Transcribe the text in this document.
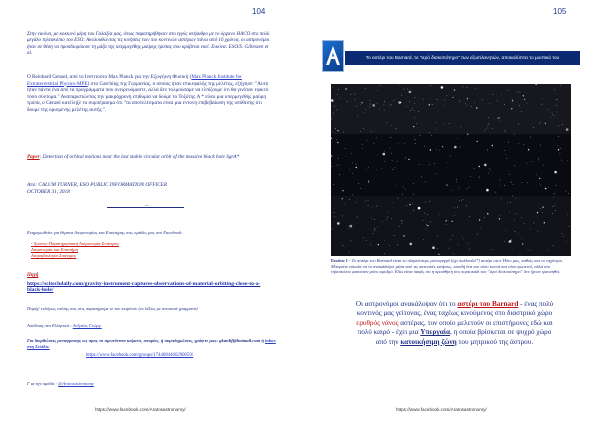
104

Στην εικόνα, με κοκκινό μέρη του Γαλαξία μας, όπως παρατηρήθηκαν στο εγγύς υπέρυθρο με το όργανο HACO στο πολύ μεγάλο τηλεσκόπιο του ESO. Ακολουθώντας τις κινήσεις των πιο κοντινών αστέρων πάνω από 16 χρόνια, οι αστρονόμοι ήταν σε θέση να προσδιορίσουν τη μάζα της υπερμεγέθης μαύρης τρύπας που κρύβεται εκεί. Εικόνα: ESO/S. Gillessen et al.

O Reinhard Genzel, από το Ινστιτούτο Max Planck για την Εξωγήινη Φυσική (Max Planck Institute for Extraterrestrial Physics-MPE) στο Garching της Γερμανίας, ο οποίος ήταν επικεφαλής της μελέτης, εξήγησε: "Αυτό ήταν πάντα ένα από τα προγράμματα που ονειρευόμαστε, αλλά δεν τολμούσαμε να ελπίζουμε ότι θα γινόταν εφικτό τόσο σύντομα." Αναπαριστώντας την μακρόχρονη επιθυμία να δούμε το Τοξότης A * είναι μια υπερμεγέθης μαύρη τρύπα, ο Genzel κατέληξε το συμπέρασμα ότι "τα αποτελέσματα είναι μια έντονη επιβεβαίωση της υπόθεσης ότι δουμε της ορισμένης μελέτης αυτής ".
Paper: Detection of orbital motions near the last stable circular orbit of the massive black hole SgrA*
Από: CALUM TURNER, ESO PUBLIC INFORMATION OFFICER
OCTOBER 31, 2018
--
Ενημερωθείτε για θέματα Αστρονομίας και Επιστήμης στις ομάδες μας στο Facebook:
- Χρονος-Παρατηρησιακή Αστρονομία Σπάνιμος
Αστρονομία και Επιστήμη
Αστροβιολογία Σπάνιμος
Πηγή
https://scitechdaily.com/gravity-instrument-captures-observations-of-material-orbiting-close-to-a-black-hole/
Παρέχ' ευλόγως επίσης κας στις παρατηρείμε τε του κειμένου (οι λέξεις με ανοικτιά γραμματα)
Απόδοση στα Ελληνικά : Ανδρέας Γεώργ.
Για διορθώσεις μεταφρασης ως προς το πρωτότυπο κείμενο, απορίες, ή συμπληρώσεις, γράψτε μας: gkanlif@hotmail.com ή inbox στη Σελίδα:
https://www.facebook.com/groups/1744084460290059/
Γ ια την ομάδα : @Aratosastronomy
https://www.facebook.com/Aratosastronomy/
105
Το αστέρι του Barnard, το "ιερό δισκοπότηρο" των εξωπλανητών, αποκαλύπτει το μυστικό του
Εικόνα 1 - Το αστέρι του Barnard είναι το πλησιέστερο μονοφυγγά (όχι πολλαπλό*) αστέρι στον Ήλιο μας, καθώς και το ταχύτερο. Μπορείτε εύκολα να το ανακάλυψτε μέσα από τις ακτινικές κινήσεις, επειδή ένα πιο τόσο κοντά και τόσο φωτεινό, αλλά στο τηλεσκόπιο φαινόταν μόνο αμυδρό. Εδώ είναι σαφές ότι η προσθήκη στο πορτοκαλί του "ιερό δισκοπότηρο" δεν έχουν ερευνηθεί.
Οι αστρονόμοι ανακάλυψαν ότι το αστέρι του Barnard - ένας πολύ κοντινός μας γείτονας, ένας ταχέως κινούμενος στο διαστρικό χώρο ερυθρός νάνος αστέρας, τον οποίο μελετούν οι επιστήμονες εδώ και πολύ καιρό - έχει μια Υπεργαία, η οποία βρίσκεται σε ψυχρό χώρο από την κατοικήσιμη ζώνη του μητρικού της άστρου.
https://www.facebook.com/Aratosastronomy/
